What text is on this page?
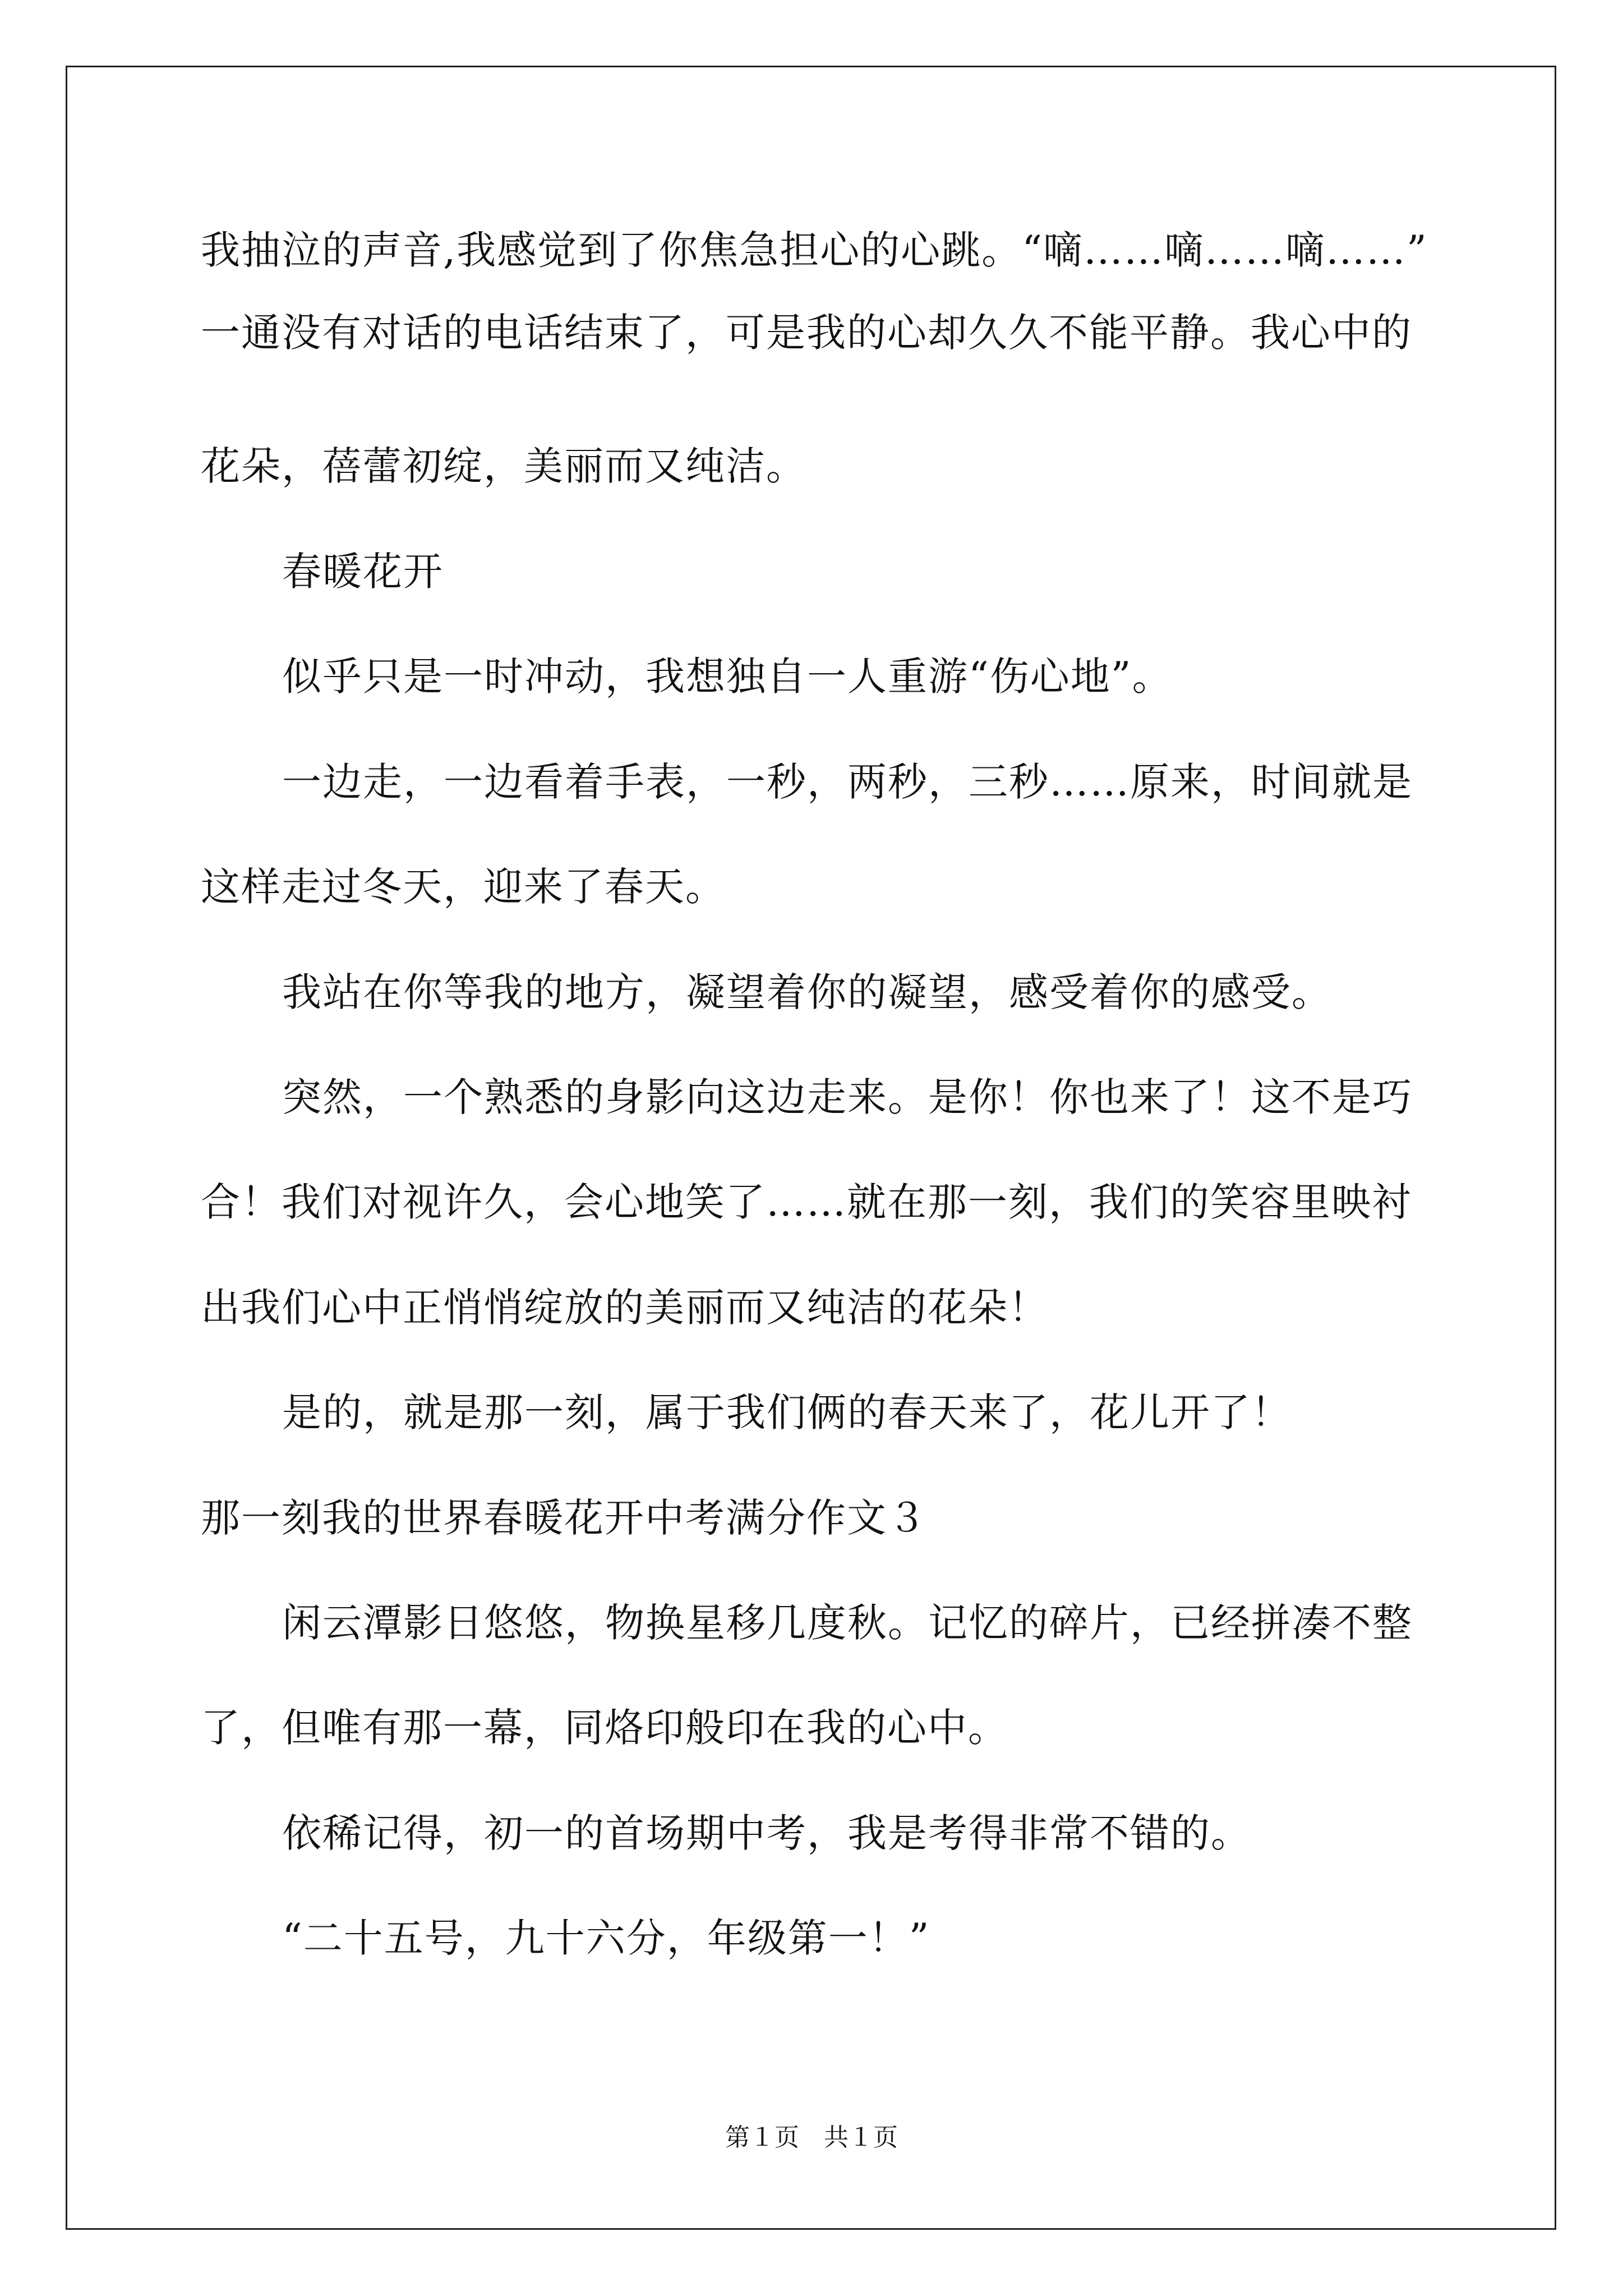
我抽泣的声音,我感觉到了你焦急担心的心跳。“嘀……嘀……嘀……”
一通没有对话的电话结束了，可是我的心却久久不能平静。我心中的
花朵，蓓蕾初绽，美丽而又纯洁。
春暖花开
似乎只是一时冲动，我想独自一人重游“伤心地”。
一边走，一边看着手表，一秒，两秒，三秒……原来，时间就是
这样走过冬天，迎来了春天。
我站在你等我的地方，凝望着你的凝望，感受着你的感受。
突然，一个熟悉的身影向这边走来。是你！你也来了！这不是巧
合！我们对视许久，会心地笑了……就在那一刻，我们的笑容里映衬
出我们心中正悄悄绽放的美丽而又纯洁的花朵！
是的，就是那一刻，属于我们俩的春天来了，花儿开了！
那一刻我的世界春暖花开中考满分作文３
闲云潭影日悠悠，物换星移几度秋。记忆的碎片，已经拼凑不整
了，但唯有那一幕，同烙印般印在我的心中。
依稀记得，初一的首场期中考，我是考得非常不错的。
“二十五号，九十六分，年级第一！”
第１页　共１页
